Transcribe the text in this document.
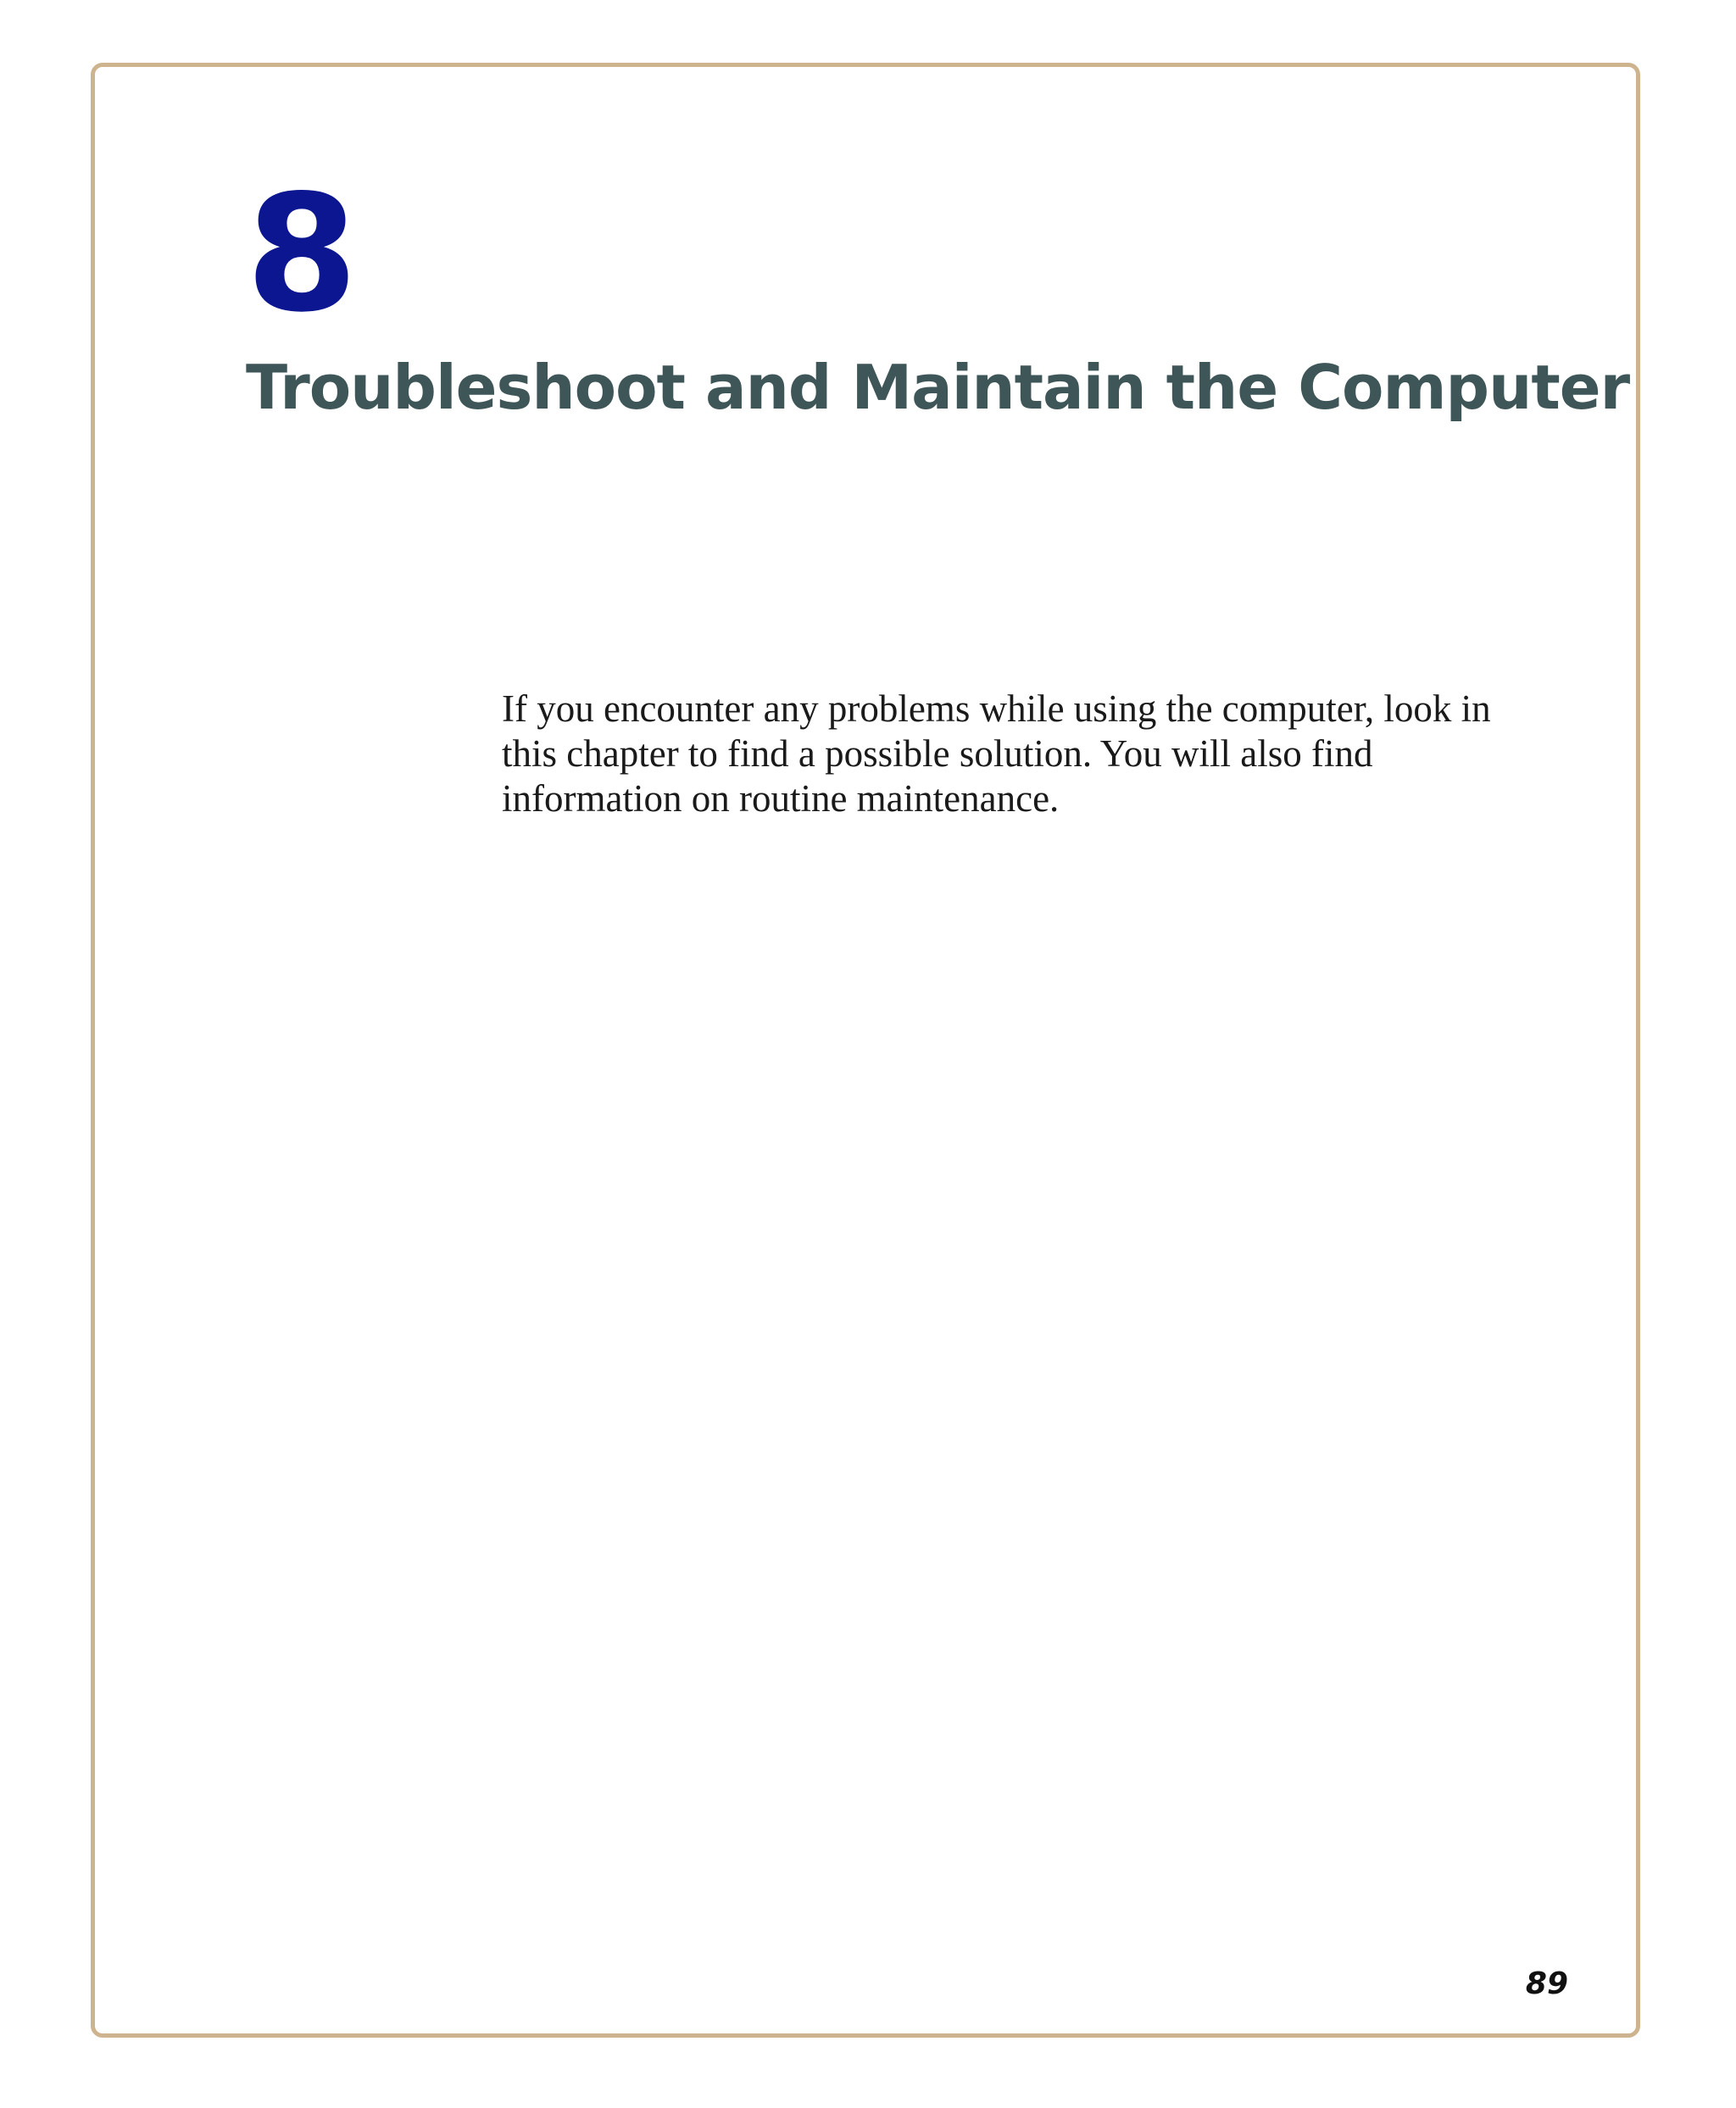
8
Troubleshoot and Maintain the Computer

If you encounter any problems while using the computer, look in this chapter to find a possible solution. You will also find information on routine maintenance.

89
